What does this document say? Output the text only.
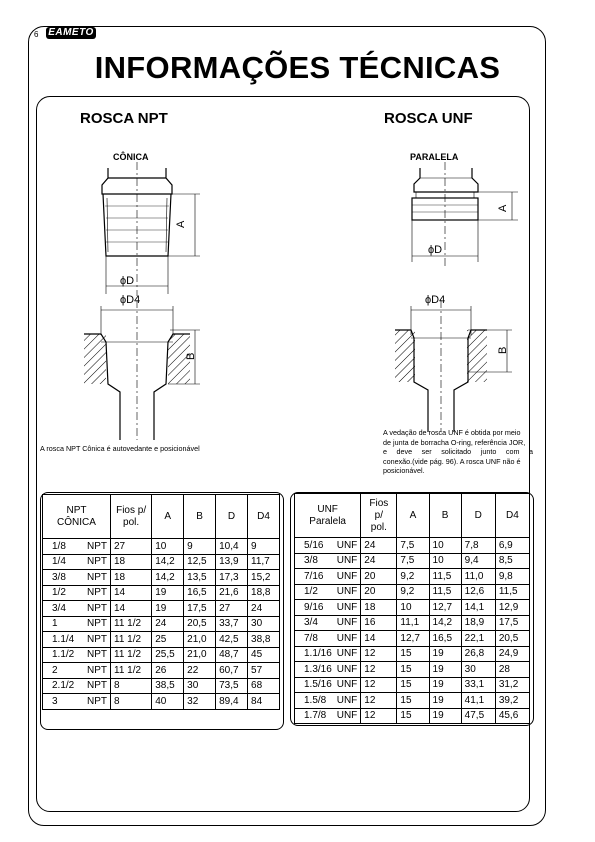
6 EAMETO
INFORMAÇÕES TÉCNICAS
ROSCA NPT	ROSCA UNF
CÔNICA	PARALELA
A
ϕD
ϕD4
B
A
ϕD
ϕD4
B
A rosca NPT Cônica é autovedante e posicionável
A vedação de rosca UNF é obtida por meio
de junta de borracha O-ring, referência JOR,
e deve ser solicitado junto com a
conexão.(vide pág. 96). A rosca UNF não é
posicionável.
NPT
CÔNICA	Fios p/
pol.	A	B	D	D4

1/8 NPT	27	10	9	10,4	9

1/4 NPT	18	14,2	12,5	13,9	11,7

3/8 NPT	18	14,2	13,5	17,3	15,2

1/2 NPT	14	19	16,5	21,6	18,8

3/4 NPT	14	19	17,5	27	24

1 NPT	11 1/2	24	20,5	33,7	30

1.1/4 NPT	11 1/2	25	21,0	42,5	38,8

1.1/2 NPT	11 1/2	25,5	21,0	48,7	45

2 NPT	11 1/2	26	22	60,7	57

2.1/2 NPT	8	38,5	30	73,5	68

3 NPT	8	40	32	89,4	84
UNF
Paralela	Fios p/
pol.	A	B	D	D4

5/16 UNF	24	7,5	10	7,8	6,9

3/8 UNF	24	7,5	10	9,4	8,5

7/16 UNF	20	9,2	11,5	11,0	9,8

1/2 UNF	20	9,2	11,5	12,6	11,5

9/16 UNF	18	10	12,7	14,1	12,9

3/4 UNF	16	11,1	14,2	18,9	17,5

7/8 UNF	14	12,7	16,5	22,1	20,5

1.1/16 UNF	12	15	19	26,8	24,9

1.3/16 UNF	12	15	19	30	28

1.5/16 UNF	12	15	19	33,1	31,2

1.5/8 UNF	12	15	19	41,1	39,2

1.7/8 UNF	12	15	19	47,5	45,6
